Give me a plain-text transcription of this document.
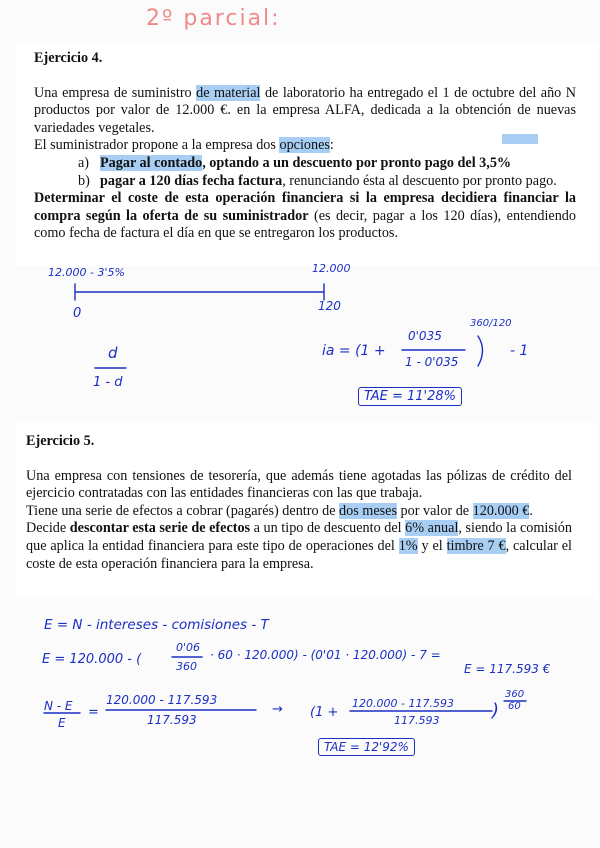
2º parcial:

Ejercicio 4.

Una empresa de suministro de material de laboratorio ha entregado el 1 de octubre del año N productos por valor de 12.000 €. en la empresa ALFA, dedicada a la obtención de nuevas variedades vegetales.

El suministrador propone a la empresa dos opciones:

a) Pagar al contado, optando a un descuento por pronto pago del 3,5%

b) pagar a 120 días fecha factura, renunciando ésta al descuento por pronto pago.

Determinar el coste de esta operación financiera si la empresa decidiera financiar la compra según la oferta de su suministrador (es decir, pagar a los 120 días), entendiendo como fecha de factura el día en que se entregaron los productos.

12.000 - 3'5%	12.000
0	120
d
1 - d
ia = (1 +
0'035
1 - 0'035
360/120
- 1
TAE = 11'28%

Ejercicio 5.

Una empresa con tensiones de tesorería, que además tiene agotadas las pólizas de crédito del ejercicio contratadas con las entidades financieras con las que trabaja.

Tiene una serie de efectos a cobrar (pagarés) dentro de dos meses por valor de 120.000 €.

Decide descontar esta serie de efectos a un tipo de descuento del 6% anual, siendo la comisión que aplica la entidad financiera para este tipo de operaciones del 1% y el timbre 7 €, calcular el coste de esta operación financiera para la empresa.

E = N - intereses - comisiones - T
E = 120.000 - (
0'06
360
· 60 · 120.000) - (0'01 · 120.000) - 7 =
E = 117.593 €
N - E
E
=
120.000 - 117.593
117.593
→ (1 +
120.000 - 117.593
117.593	)
360
60
TAE = 12'92%
